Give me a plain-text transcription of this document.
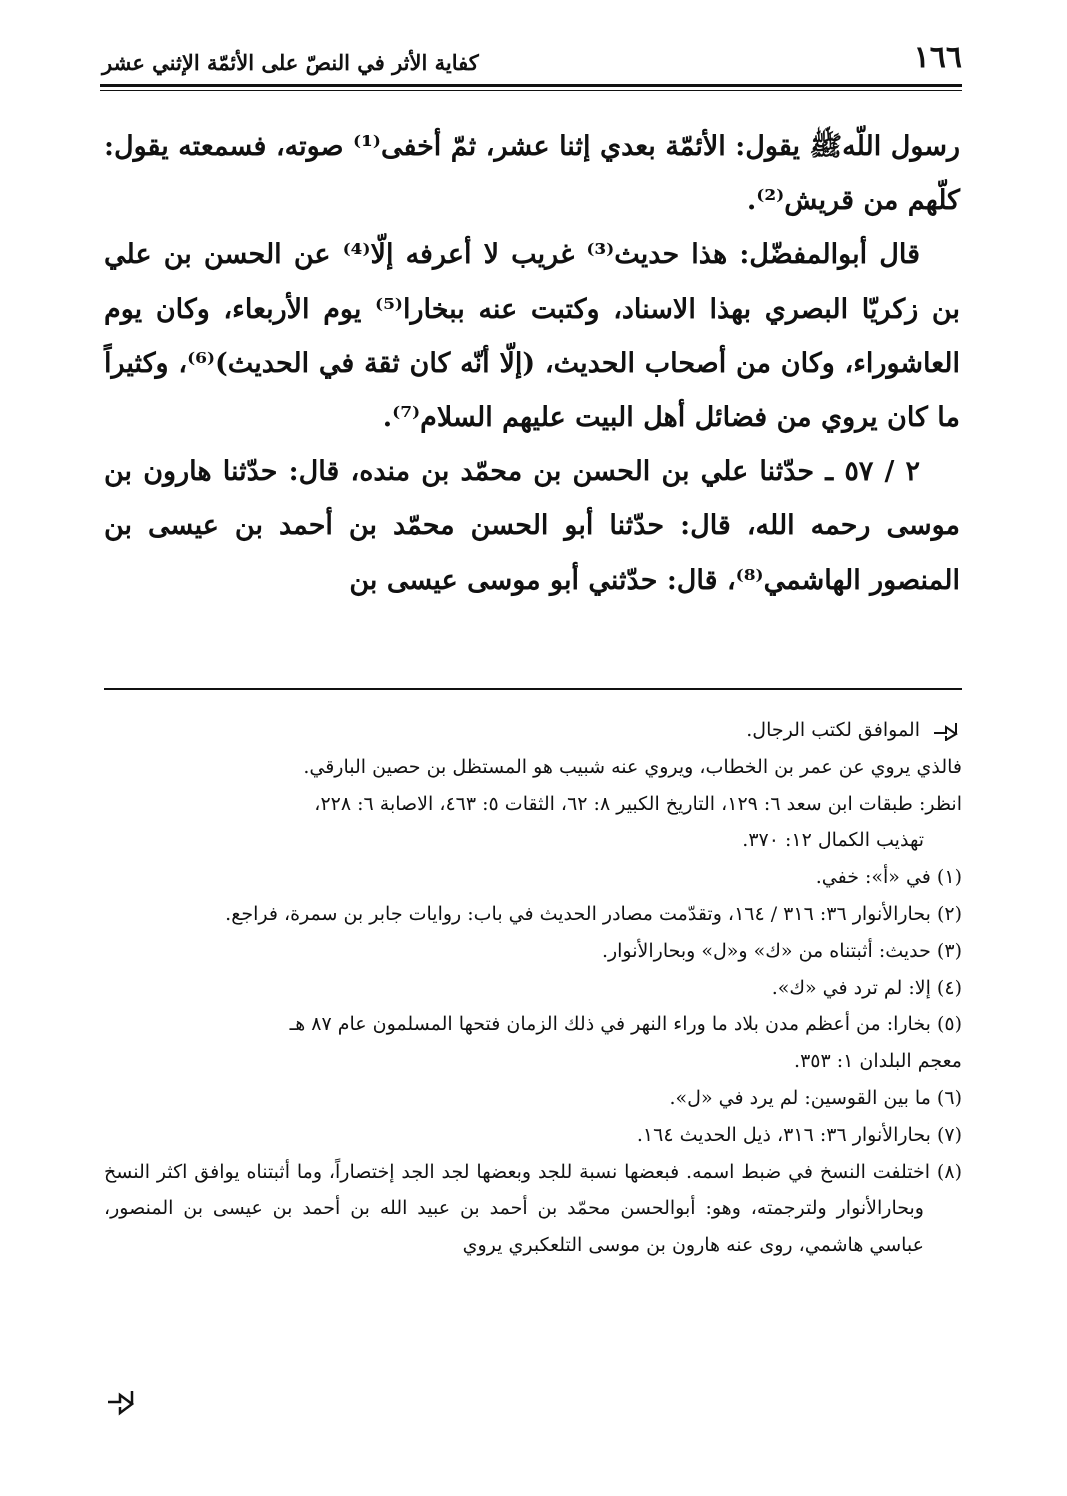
١٦٦
كفاية الأثر في النصّ على الأئمّة الإثني عشر

رسول اللّهﷺ يقول: الأئمّة بعدي إثنا عشر، ثمّ أخفى⁽¹⁾ صوته، فسمعته يقول: كلّهم من قريش⁽²⁾.

قال أبوالمفضّل: هذا حديث⁽³⁾ غريب لا أعرفه إلّا⁽⁴⁾ عن الحسن بن علي بن زكريّا البصري بهذا الاسناد، وكتبت عنه ببخارا⁽⁵⁾ يوم الأربعاء، وكان يوم العاشوراء، وكان من أصحاب الحديث، (إلّا أنّه كان ثقة في الحديث)⁽⁶⁾، وكثيراً ما كان يروي من فضائل أهل البيت عليهم السلام⁽⁷⁾.

٢ / ٥٧ ـ حدّثنا علي بن الحسن بن محمّد بن منده، قال: حدّثنا هارون بن موسى رحمه الله، قال: حدّثنا أبو الحسن محمّد بن أحمد بن عيسى بن المنصور الهاشمي⁽⁸⁾، قال: حدّثني أبو موسى عيسى بن

الموافق لكتب الرجال.

فالذي يروي عن عمر بن الخطاب، ويروي عنه شبيب هو المستظل بن حصين البارقي.

انظر: طبقات ابن سعد ٦: ١٢٩، التاريخ الكبير ٨: ٦٢، الثقات ٥: ٤٦٣، الاصابة ٦: ٢٢٨،

تهذيب الكمال ١٢: ٣٧٠.

(١) في «أ»: خفي.

(٢) بحارالأنوار ٣٦: ٣١٦ / ١٦٤، وتقدّمت مصادر الحديث في باب: روايات جابر بن سمرة، فراجع.

(٣) حديث: أثبتناه من «ك» و«ل» وبحارالأنوار.

(٤) إلا: لم ترد في «ك».

(٥) بخارا: من أعظم مدن بلاد ما وراء النهر في ذلك الزمان فتحها المسلمون عام ٨٧ هـ

معجم البلدان ١: ٣٥٣.

(٦) ما بين القوسين: لم يرد في «ل».

(٧) بحارالأنوار ٣٦: ٣١٦، ذيل الحديث ١٦٤.

(٨) اختلفت النسخ في ضبط اسمه. فبعضها نسبة للجد وبعضها لجد الجد إختصاراً، وما أثبتناه يوافق اكثر النسخ وبحارالأنوار ولترجمته، وهو: أبوالحسن محمّد بن أحمد بن عبيد الله بن أحمد بن عيسى بن المنصور، عباسي هاشمي، روى عنه هارون بن موسى التلعكبري يروي
